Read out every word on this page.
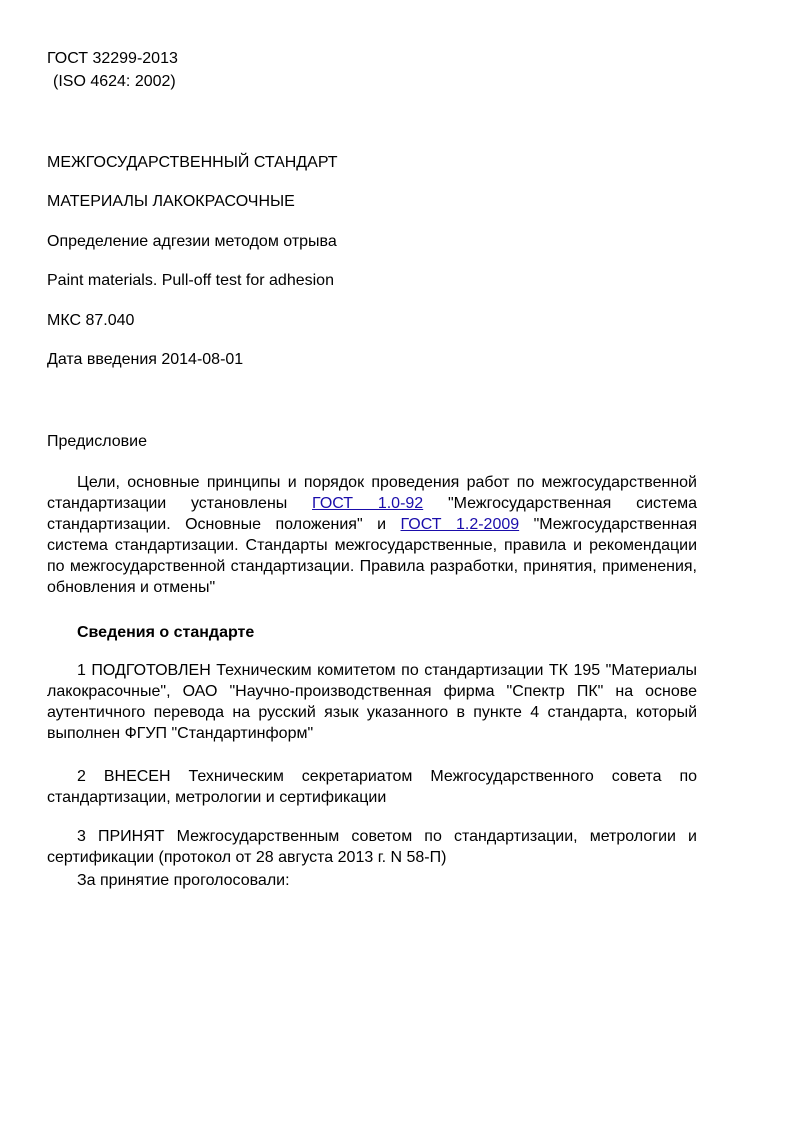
ГОСТ 32299-2013
(ISO 4624: 2002)
МЕЖГОСУДАРСТВЕННЫЙ СТАНДАРТ
МАТЕРИАЛЫ ЛАКОКРАСОЧНЫЕ
Определение адгезии методом отрыва
Paint materials. Pull-off test for adhesion
МКС 87.040
Дата введения 2014-08-01
Предисловие
Цели, основные принципы и порядок проведения работ по межгосударственной стандартизации установлены ГОСТ 1.0-92 "Межгосударственная система стандартизации. Основные положения" и ГОСТ 1.2-2009 "Межгосударственная система стандартизации. Стандарты межгосударственные, правила и рекомендации по межгосударственной стандартизации. Правила разработки, принятия, применения, обновления и отмены"
Сведения о стандарте
1 ПОДГОТОВЛЕН Техническим комитетом по стандартизации ТК 195 "Материалы лакокрасочные", ОАО "Научно-производственная фирма "Спектр ПК" на основе аутентичного перевода на русский язык указанного в пункте 4 стандарта, который выполнен ФГУП "Стандартинформ"
2 ВНЕСЕН Техническим секретариатом Межгосударственного совета по стандартизации, метрологии и сертификации
3 ПРИНЯТ Межгосударственным советом по стандартизации, метрологии и сертификации (протокол от 28 августа 2013 г. N 58-П)
За принятие проголосовали:
